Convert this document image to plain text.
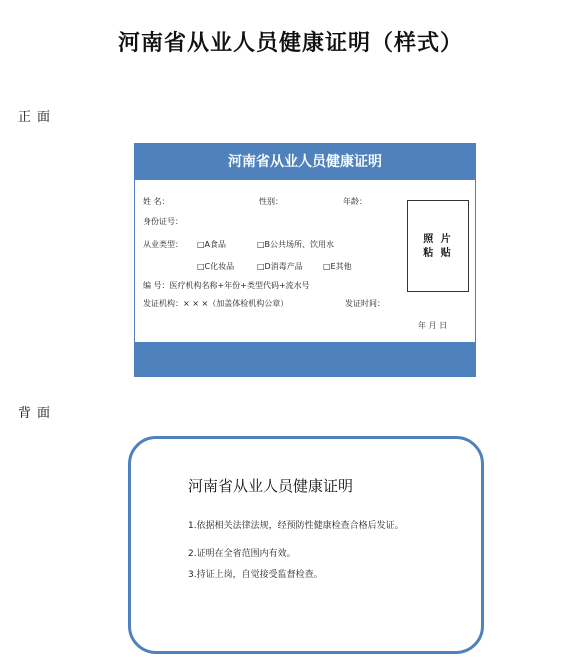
河南省从业人员健康证明（样式）
正面
河南省从业人员健康证明
姓 名：	性别：	年龄：
身份证号：
从业类型： □A食品	□B公共场所、饮用水
□C化妆品	□D消毒产品	□E其他
编 号：医疗机构名称+年份+类型代码+流水号
发证机构：× × ×（加盖体检机构公章）	发证时间：
年 月 日
照 片
粘 贴
背面
河南省从业人员健康证明
1.依据相关法律法规，经预防性健康检查合格后发证。
2.证明在全省范围内有效。
3.持证上岗，自觉接受监督检查。
